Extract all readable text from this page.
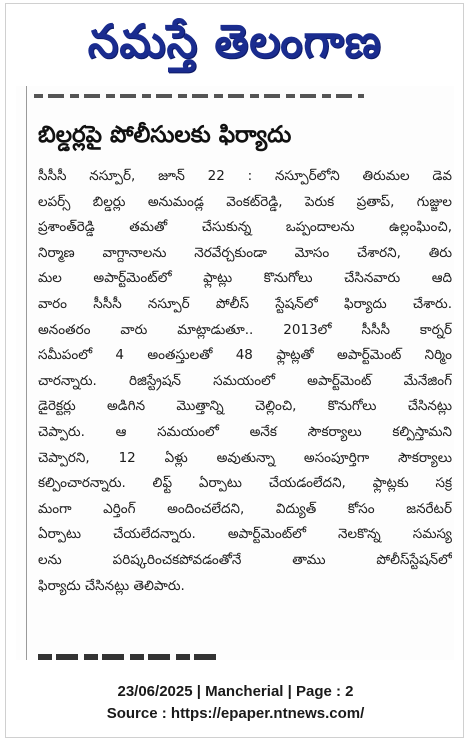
నమస్తే తెలంగాణ
బిల్డర్లపై పోలీసులకు ఫిర్యాదు
సీసీసీ నస్పూర్, జూన్ 22 : నస్పూర్‌లోని తిరుమల డెవ
లపర్స్ బిల్డర్లు అనుమండ్ల వెంకట్‌రెడ్డి, పెరుక ప్రతాప్, గుజ్జుల
ప్రశాంత్‌రెడ్డి తమతో చేసుకున్న ఒప్పందాలను ఉల్లంఘించి,
నిర్మాణ వాగ్దానాలను నెరవేర్చకుండా మోసం చేశారని, తిరు
మల అపార్ట్‌మెంట్‌లో ఫ్లాట్లు కొనుగోలు చేసినవారు ఆది
వారం సీసీసీ నస్పూర్ పోలీస్ స్టేషన్‌లో ఫిర్యాదు చేశారు.
అనంతరం వారు మాట్లాడుతూ.. 2013లో సీసీసీ కార్నర్
సమీపంలో 4 అంతస్తులతో 48 ఫ్లాట్లతో అపార్ట్‌మెంట్ నిర్మిం
చారన్నారు. రిజిస్ట్రేషన్ సమయంలో అపార్ట్‌మెంట్ మేనేజింగ్
డైరెక్టర్లు అడిగిన మొత్తాన్ని చెల్లించి, కొనుగోలు చేసినట్లు
చెప్పారు. ఆ సమయంలో అనేక సౌకర్యాలు కల్పిస్తామని
చెప్పారని, 12 ఏళ్లు అవుతున్నా అసంపూర్తిగా సౌకర్యాలు
కల్పించారన్నారు. లిఫ్ట్ ఏర్పాటు చేయడంలేదని, ఫ్లాట్లకు సక్ర
మంగా ఎర్తింగ్ అందించలేదని, విద్యుత్ కోసం జనరేటర్
ఏర్పాటు చేయలేదన్నారు. అపార్ట్‌మెంట్‌లో నెలకొన్న సమస్య
లను పరిష్కరించకపోవడంతోనే తాము పోలీస్‌స్టేషన్‌లో
ఫిర్యాదు చేసినట్లు తెలిపారు.
23/06/2025 | Mancherial | Page : 2
Source : https://epaper.ntnews.com/
